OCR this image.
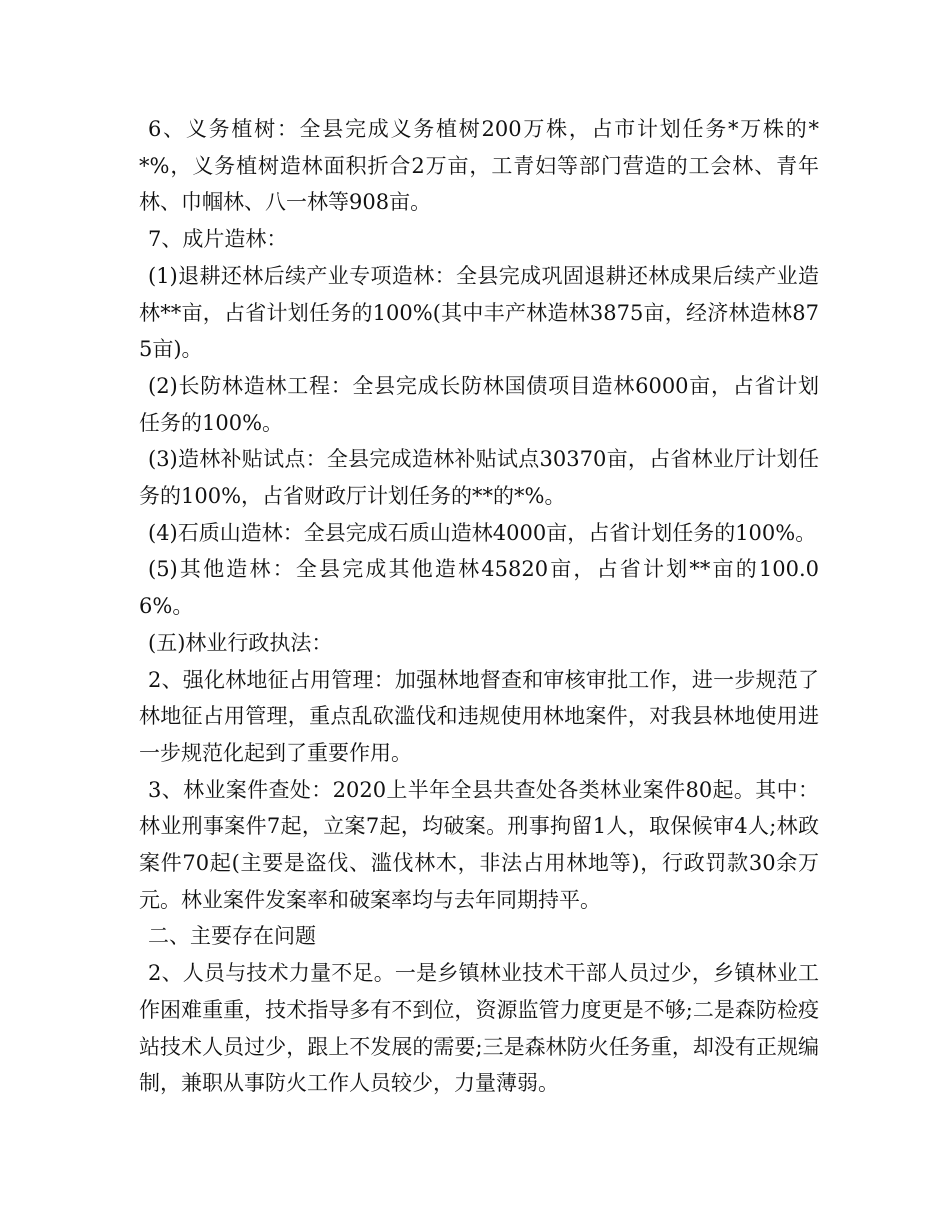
6、义务植树：全县完成义务植树200万株，占市计划任务*万株的**%，义务植树造林面积折合2万亩，工青妇等部门营造的工会林、青年林、巾帼林、八一林等908亩。

7、成片造林：

(1)退耕还林后续产业专项造林：全县完成巩固退耕还林成果后续产业造林**亩，占省计划任务的100%(其中丰产林造林3875亩，经济林造林875亩)。

(2)长防林造林工程：全县完成长防林国债项目造林6000亩，占省计划任务的100%。

(3)造林补贴试点：全县完成造林补贴试点30370亩，占省林业厅计划任务的100%，占省财政厅计划任务的**的*%。

(4)石质山造林：全县完成石质山造林4000亩，占省计划任务的100%。

(5)其他造林：全县完成其他造林45820亩，占省计划**亩的100.06%。

(五)林业行政执法：

2、强化林地征占用管理：加强林地督查和审核审批工作，进一步规范了林地征占用管理，重点乱砍滥伐和违规使用林地案件，对我县林地使用进一步规范化起到了重要作用。

3、林业案件查处：2020上半年全县共查处各类林业案件80起。其中：林业刑事案件7起，立案7起，均破案。刑事拘留1人，取保候审4人;林政案件70起(主要是盗伐、滥伐林木，非法占用林地等)，行政罚款30余万元。林业案件发案率和破案率均与去年同期持平。

二、主要存在问题

2、人员与技术力量不足。一是乡镇林业技术干部人员过少，乡镇林业工作困难重重，技术指导多有不到位，资源监管力度更是不够;二是森防检疫站技术人员过少，跟上不发展的需要;三是森林防火任务重，却没有正规编制，兼职从事防火工作人员较少，力量薄弱。
